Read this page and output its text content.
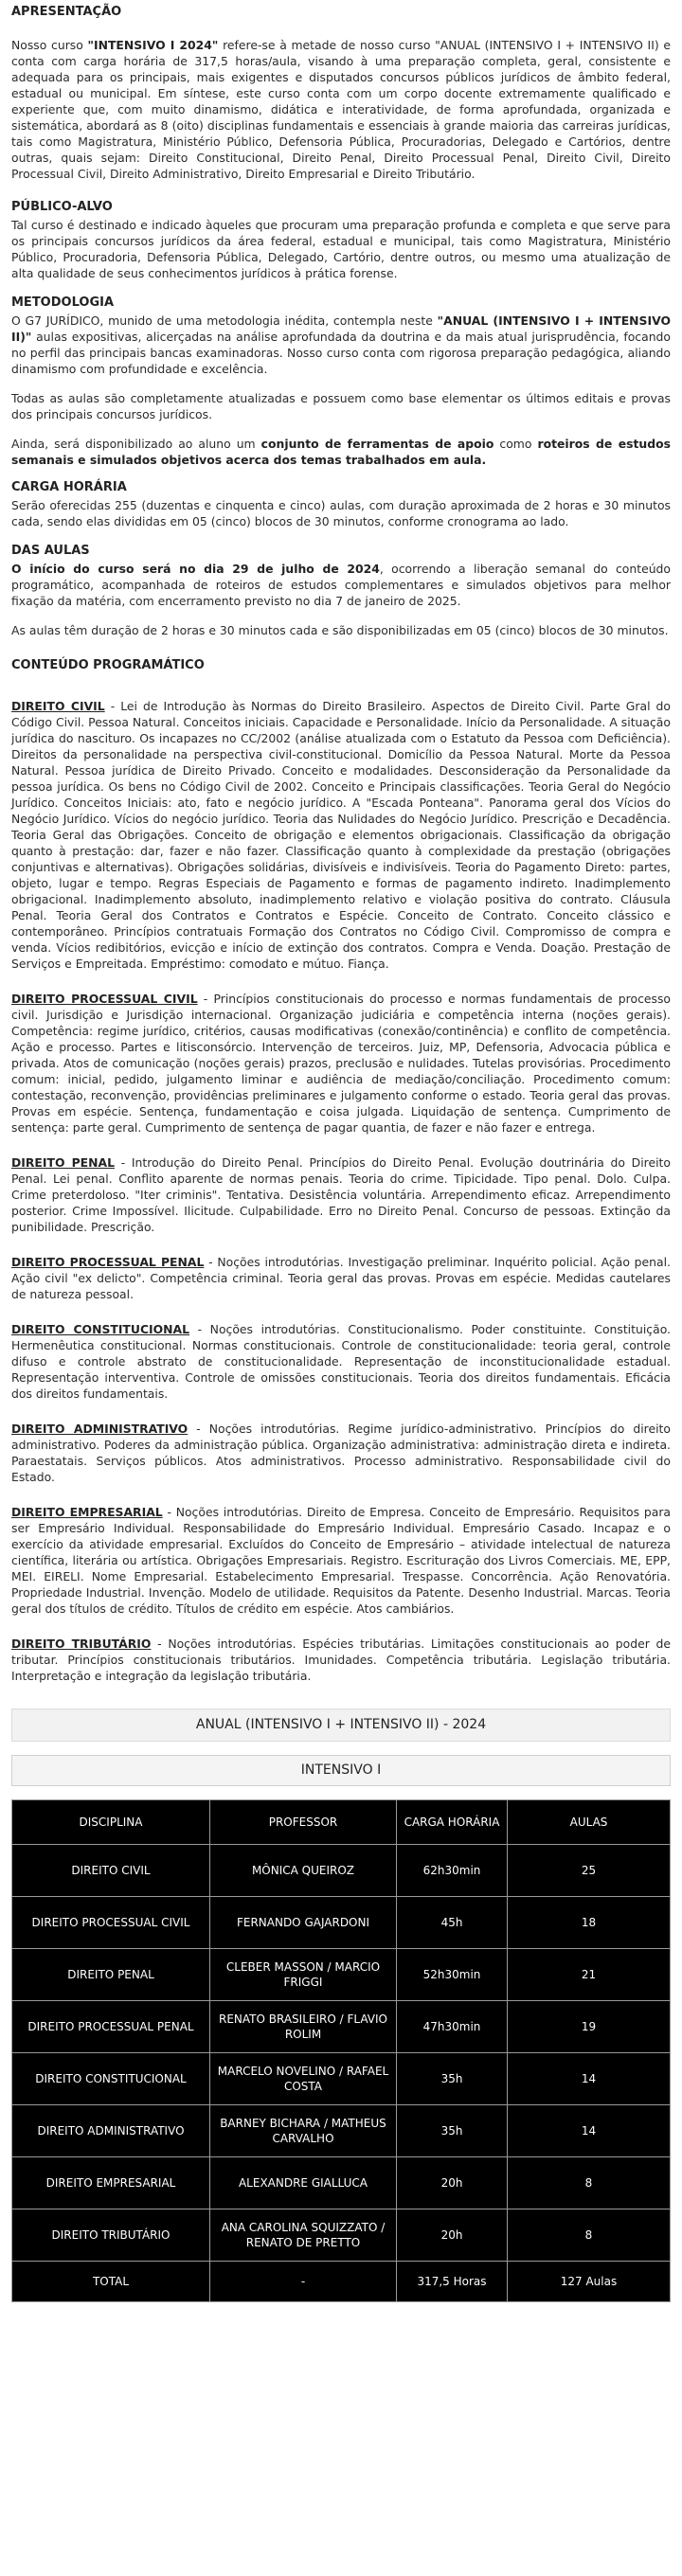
APRESENTAÇÃO

Nosso curso "INTENSIVO I 2024" refere-se à metade de nosso curso "ANUAL (INTENSIVO I + INTENSIVO II) e conta com carga horária de 317,5 horas/aula, visando à uma preparação completa, geral, consistente e adequada para os principais, mais exigentes e disputados concursos públicos jurídicos de âmbito federal, estadual ou municipal. Em síntese, este curso conta com um corpo docente extremamente qualificado e experiente que, com muito dinamismo, didática e interatividade, de forma aprofundada, organizada e sistemática, abordará as 8 (oito) disciplinas fundamentais e essenciais à grande maioria das carreiras jurídicas, tais como Magistratura, Ministério Público, Defensoria Pública, Procuradorias, Delegado e Cartórios, dentre outras, quais sejam: Direito Constitucional, Direito Penal, Direito Processual Penal, Direito Civil, Direito Processual Civil, Direito Administrativo, Direito Empresarial e Direito Tributário.

PÚBLICO-ALVO

Tal curso é destinado e indicado àqueles que procuram uma preparação profunda e completa e que serve para os principais concursos jurídicos da área federal, estadual e municipal, tais como Magistratura, Ministério Público, Procuradoria, Defensoria Pública, Delegado, Cartório, dentre outros, ou mesmo uma atualização de alta qualidade de seus conhecimentos jurídicos à prática forense.

METODOLOGIA

O G7 JURÍDICO, munido de uma metodologia inédita, contempla neste "ANUAL (INTENSIVO I + INTENSIVO II)" aulas expositivas, alicerçadas na análise aprofundada da doutrina e da mais atual jurisprudência, focando no perfil das principais bancas examinadoras. Nosso curso conta com rigorosa preparação pedagógica, aliando dinamismo com profundidade e excelência.

Todas as aulas são completamente atualizadas e possuem como base elementar os últimos editais e provas dos principais concursos jurídicos.

Ainda, será disponibilizado ao aluno um conjunto de ferramentas de apoio como roteiros de estudos semanais e simulados objetivos acerca dos temas trabalhados em aula.

CARGA HORÁRIA

Serão oferecidas 255 (duzentas e cinquenta e cinco) aulas, com duração aproximada de 2 horas e 30 minutos cada, sendo elas divididas em 05 (cinco) blocos de 30 minutos, conforme cronograma ao lado.

DAS AULAS

O início do curso será no dia 29 de julho de 2024, ocorrendo a liberação semanal do conteúdo programático, acompanhada de roteiros de estudos complementares e simulados objetivos para melhor fixação da matéria, com encerramento previsto no dia 7 de janeiro de 2025.

As aulas têm duração de 2 horas e 30 minutos cada e são disponibilizadas em 05 (cinco) blocos de 30 minutos.

CONTEÚDO PROGRAMÁTICO

DIREITO CIVIL - Lei de Introdução às Normas do Direito Brasileiro. Aspectos de Direito Civil. Parte Gral do Código Civil. Pessoa Natural. Conceitos iniciais. Capacidade e Personalidade. Início da Personalidade. A situação jurídica do nascituro. Os incapazes no CC/2002 (análise atualizada com o Estatuto da Pessoa com Deficiência). Direitos da personalidade na perspectiva civil-constitucional. Domicílio da Pessoa Natural. Morte da Pessoa Natural. Pessoa jurídica de Direito Privado. Conceito e modalidades. Desconsideração da Personalidade da pessoa jurídica. Os bens no Código Civil de 2002. Conceito e Principais classificações. Teoria Geral do Negócio Jurídico. Conceitos Iniciais: ato, fato e negócio jurídico. A "Escada Ponteana". Panorama geral dos Vícios do Negócio Jurídico. Vícios do negócio jurídico. Teoria das Nulidades do Negócio Jurídico. Prescrição e Decadência. Teoria Geral das Obrigações. Conceito de obrigação e elementos obrigacionais. Classificação da obrigação quanto à prestação: dar, fazer e não fazer. Classificação quanto à complexidade da prestação (obrigações conjuntivas e alternativas). Obrigações solidárias, divisíveis e indivisíveis. Teoria do Pagamento Direto: partes, objeto, lugar e tempo. Regras Especiais de Pagamento e formas de pagamento indireto. Inadimplemento obrigacional. Inadimplemento absoluto, inadimplemento relativo e violação positiva do contrato. Cláusula Penal. Teoria Geral dos Contratos e Contratos e Espécie. Conceito de Contrato. Conceito clássico e contemporâneo. Princípios contratuais Formação dos Contratos no Código Civil. Compromisso de compra e venda. Vícios redibitórios, evicção e início de extinção dos contratos. Compra e Venda. Doação. Prestação de Serviços e Empreitada. Empréstimo: comodato e mútuo. Fiança.

DIREITO PROCESSUAL CIVIL - Princípios constitucionais do processo e normas fundamentais de processo civil. Jurisdição e Jurisdição internacional. Organização judiciária e competência interna (noções gerais). Competência: regime jurídico, critérios, causas modificativas (conexão/continência) e conflito de competência. Ação e processo. Partes e litisconsórcio. Intervenção de terceiros. Juiz, MP, Defensoria, Advocacia pública e privada. Atos de comunicação (noções gerais) prazos, preclusão e nulidades. Tutelas provisórias. Procedimento comum: inicial, pedido, julgamento liminar e audiência de mediação/conciliação. Procedimento comum: contestação, reconvenção, providências preliminares e julgamento conforme o estado. Teoria geral das provas. Provas em espécie. Sentença, fundamentação e coisa julgada. Liquidação de sentença. Cumprimento de sentença: parte geral. Cumprimento de sentença de pagar quantia, de fazer e não fazer e entrega.

DIREITO PENAL - Introdução do Direito Penal. Princípios do Direito Penal. Evolução doutrinária do Direito Penal. Lei penal. Conflito aparente de normas penais. Teoria do crime. Tipicidade. Tipo penal. Dolo. Culpa. Crime preterdoloso. "Iter criminis". Tentativa. Desistência voluntária. Arrependimento eficaz. Arrependimento posterior. Crime Impossível. Ilicitude. Culpabilidade. Erro no Direito Penal. Concurso de pessoas. Extinção da punibilidade. Prescrição.

DIREITO PROCESSUAL PENAL - Noções introdutórias. Investigação preliminar. Inquérito policial. Ação penal. Ação civil "ex delicto". Competência criminal. Teoria geral das provas. Provas em espécie. Medidas cautelares de natureza pessoal.

DIREITO CONSTITUCIONAL - Noções introdutórias. Constitucionalismo. Poder constituinte. Constituição. Hermenêutica constitucional. Normas constitucionais. Controle de constitucionalidade: teoria geral, controle difuso e controle abstrato de constitucionalidade. Representação de inconstitucionalidade estadual. Representação interventiva. Controle de omissões constitucionais. Teoria dos direitos fundamentais. Eficácia dos direitos fundamentais.

DIREITO ADMINISTRATIVO - Noções introdutórias. Regime jurídico-administrativo. Princípios do direito administrativo. Poderes da administração pública. Organização administrativa: administração direta e indireta. Paraestatais. Serviços públicos. Atos administrativos. Processo administrativo. Responsabilidade civil do Estado.

DIREITO EMPRESARIAL - Noções introdutórias. Direito de Empresa. Conceito de Empresário. Requisitos para ser Empresário Individual. Responsabilidade do Empresário Individual. Empresário Casado. Incapaz e o exercício da atividade empresarial. Excluídos do Conceito de Empresário – atividade intelectual de natureza científica, literária ou artística. Obrigações Empresariais. Registro. Escrituração dos Livros Comerciais. ME, EPP, MEI. EIRELI. Nome Empresarial. Estabelecimento Empresarial. Trespasse. Concorrência. Ação Renovatória. Propriedade Industrial. Invenção. Modelo de utilidade. Requisitos da Patente. Desenho Industrial. Marcas. Teoria geral dos títulos de crédito. Títulos de crédito em espécie. Atos cambiários.

DIREITO TRIBUTÁRIO - Noções introdutórias. Espécies tributárias. Limitações constitucionais ao poder de tributar. Princípios constitucionais tributários. Imunidades. Competência tributária. Legislação tributária. Interpretação e integração da legislação tributária.

ANUAL (INTENSIVO I + INTENSIVO II) - 2024
INTENSIVO I
DISCIPLINA	PROFESSOR	CARGA HORÁRIA	AULAS
DIREITO CIVIL	MÔNICA QUEIROZ	62h30min	25
DIREITO PROCESSUAL CIVIL	FERNANDO GAJARDONI	45h	18
DIREITO PENAL	CLEBER MASSON / MARCIO FRIGGI	52h30min	21
DIREITO PROCESSUAL PENAL	RENATO BRASILEIRO / FLAVIO ROLIM	47h30min	19
DIREITO CONSTITUCIONAL	MARCELO NOVELINO / RAFAEL COSTA	35h	14
DIREITO ADMINISTRATIVO	BARNEY BICHARA / MATHEUS CARVALHO	35h	14
DIREITO EMPRESARIAL	ALEXANDRE GIALLUCA	20h	8
DIREITO TRIBUTÁRIO	ANA CAROLINA SQUIZZATO / RENATO DE PRETTO	20h	8
TOTAL	-	317,5 Horas	127 Aulas
